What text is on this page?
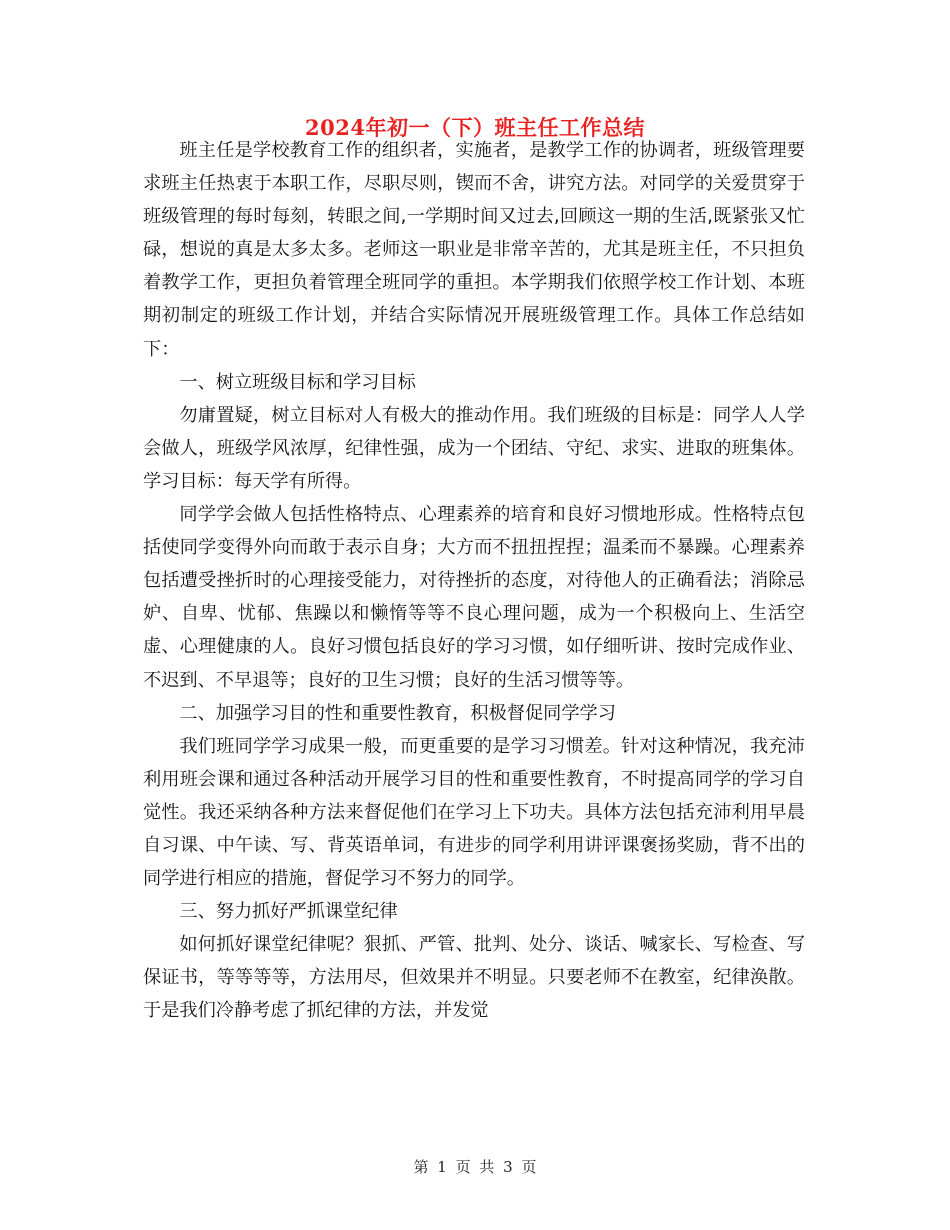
2024年初一（下）班主任工作总结

班主任是学校教育工作的组织者，实施者，是教学工作的协调者，班级管理要求班主任热衷于本职工作，尽职尽则，锲而不舍，讲究方法。对同学的关爱贯穿于班级管理的每时每刻，转眼之间,一学期时间又过去,回顾这一期的生活,既紧张又忙碌，想说的真是太多太多。老师这一职业是非常辛苦的，尤其是班主任，不只担负着教学工作，更担负着管理全班同学的重担。本学期我们依照学校工作计划、本班期初制定的班级工作计划，并结合实际情况开展班级管理工作。具体工作总结如下：

一、树立班级目标和学习目标

勿庸置疑，树立目标对人有极大的推动作用。我们班级的目标是：同学人人学会做人，班级学风浓厚，纪律性强，成为一个团结、守纪、求实、进取的班集体。学习目标：每天学有所得。

同学学会做人包括性格特点、心理素养的培育和良好习惯地形成。性格特点包括使同学变得外向而敢于表示自身；大方而不扭扭捏捏；温柔而不暴躁。心理素养包括遭受挫折时的心理接受能力，对待挫折的态度，对待他人的正确看法；消除忌妒、自卑、忧郁、焦躁以和懒惰等等不良心理问题，成为一个积极向上、生活空虚、心理健康的人。良好习惯包括良好的学习习惯，如仔细听讲、按时完成作业、不迟到、不早退等；良好的卫生习惯；良好的生活习惯等等。

二、加强学习目的性和重要性教育，积极督促同学学习

我们班同学学习成果一般，而更重要的是学习习惯差。针对这种情况，我充沛利用班会课和通过各种活动开展学习目的性和重要性教育，不时提高同学的学习自觉性。我还采纳各种方法来督促他们在学习上下功夫。具体方法包括充沛利用早晨自习课、中午读、写、背英语单词，有进步的同学利用讲评课褒扬奖励，背不出的同学进行相应的措施，督促学习不努力的同学。

三、努力抓好严抓课堂纪律

如何抓好课堂纪律呢？狠抓、严管、批判、处分、谈话、喊家长、写检查、写保证书，等等等等，方法用尽，但效果并不明显。只要老师不在教室，纪律涣散。于是我们冷静考虑了抓纪律的方法，并发觉

第 1 页 共 3 页
